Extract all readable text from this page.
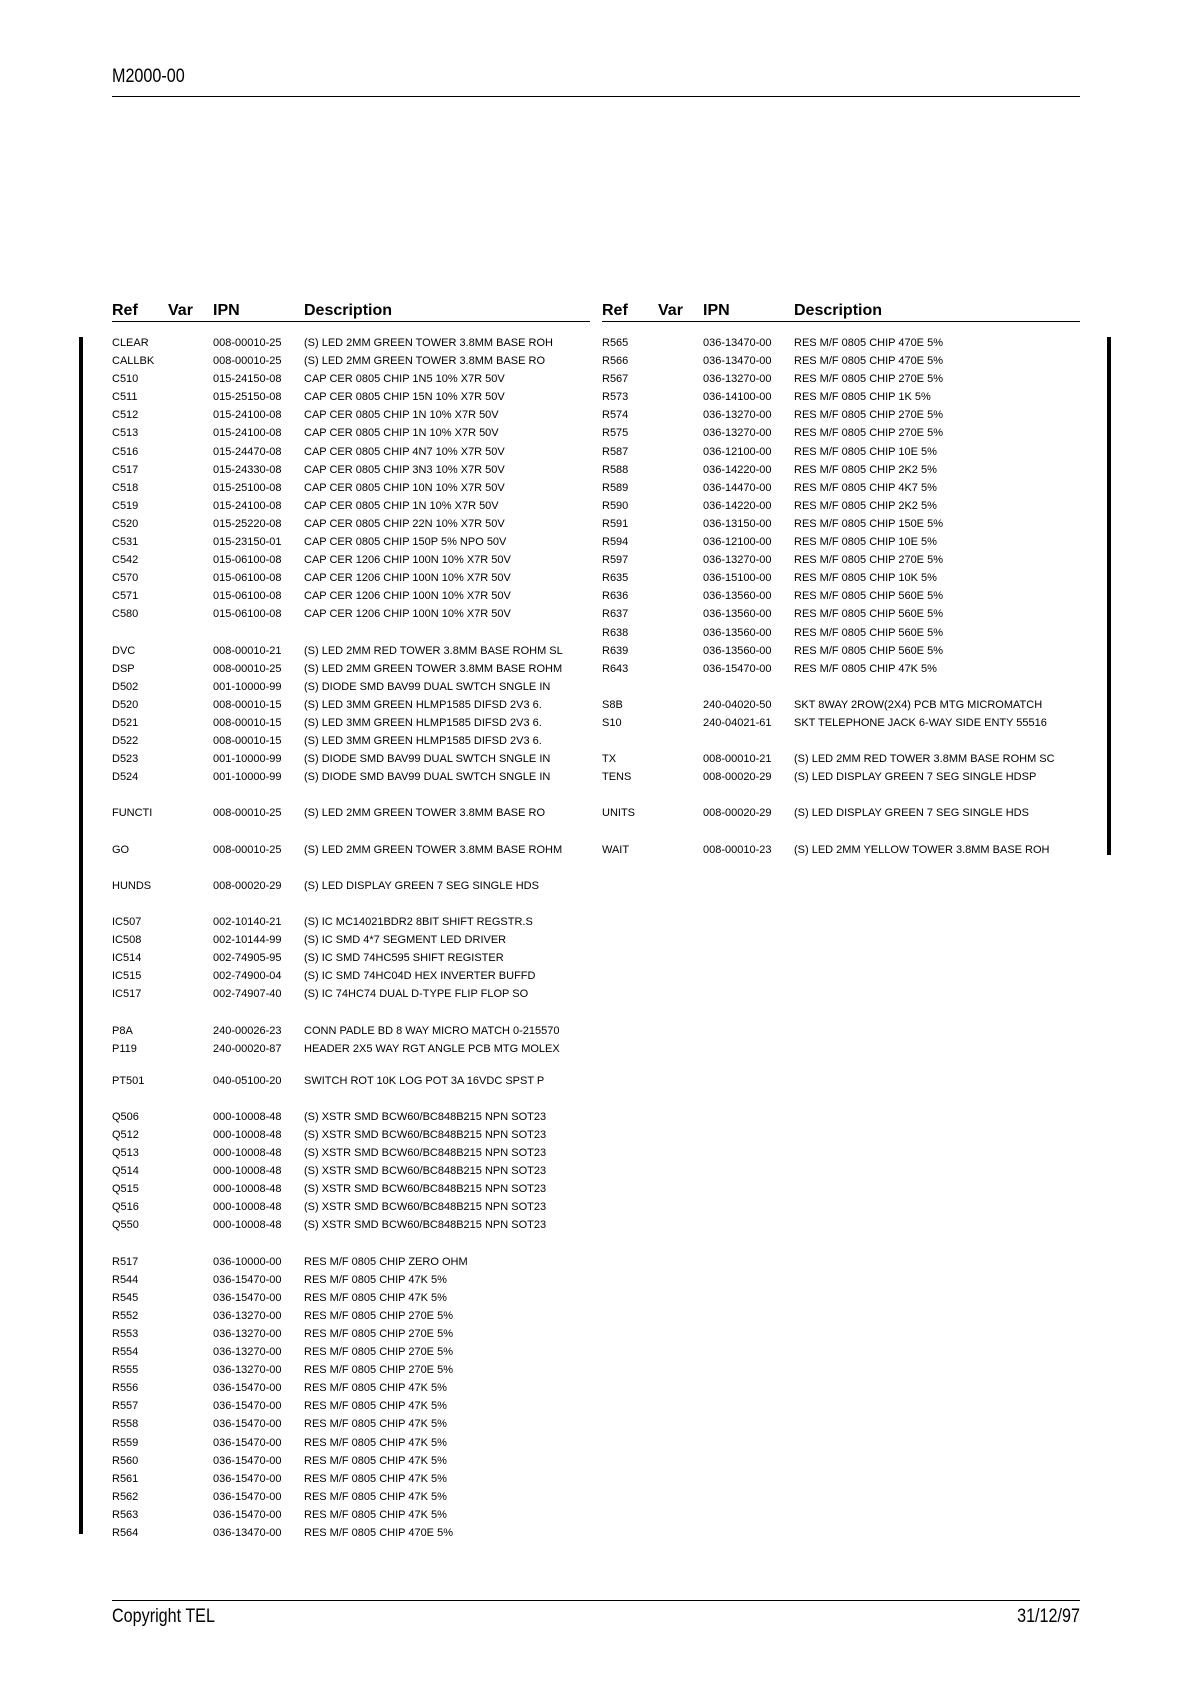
M2000-00
Ref Var IPN	Description
CLEAR	008-00010-25 (S) LED 2MM GREEN TOWER 3.8MM BASE ROH
CALLBK	008-00010-25 (S) LED 2MM GREEN TOWER 3.8MM BASE RO
C510	015-24150-08 CAP CER 0805 CHIP 1N5 10% X7R 50V
C511	015-25150-08 CAP CER 0805 CHIP 15N 10% X7R 50V
C512	015-24100-08 CAP CER 0805 CHIP 1N 10% X7R 50V
C513	015-24100-08 CAP CER 0805 CHIP 1N 10% X7R 50V
C516	015-24470-08 CAP CER 0805 CHIP 4N7 10% X7R 50V
C517	015-24330-08 CAP CER 0805 CHIP 3N3 10% X7R 50V
C518	015-25100-08 CAP CER 0805 CHIP 10N 10% X7R 50V
C519	015-24100-08 CAP CER 0805 CHIP 1N 10% X7R 50V
C520	015-25220-08 CAP CER 0805 CHIP 22N 10% X7R 50V
C531	015-23150-01 CAP CER 0805 CHIP 150P 5% NPO 50V
C542	015-06100-08 CAP CER 1206 CHIP 100N 10% X7R 50V
C570	015-06100-08 CAP CER 1206 CHIP 100N 10% X7R 50V
C571	015-06100-08 CAP CER 1206 CHIP 100N 10% X7R 50V
C580	015-06100-08 CAP CER 1206 CHIP 100N 10% X7R 50V
DVC	008-00010-21 (S) LED 2MM RED TOWER 3.8MM BASE ROHM SL
DSP	008-00010-25 (S) LED 2MM GREEN TOWER 3.8MM BASE ROHM
D502	001-10000-99 (S) DIODE SMD BAV99 DUAL SWTCH SNGLE IN
D520	008-00010-15 (S) LED 3MM GREEN HLMP1585 DIFSD 2V3 6.
D521	008-00010-15 (S) LED 3MM GREEN HLMP1585 DIFSD 2V3 6.
D522	008-00010-15 (S) LED 3MM GREEN HLMP1585 DIFSD 2V3 6.
D523	001-10000-99 (S) DIODE SMD BAV99 DUAL SWTCH SNGLE IN
D524	001-10000-99 (S) DIODE SMD BAV99 DUAL SWTCH SNGLE IN
FUNCTI	008-00010-25 (S) LED 2MM GREEN TOWER 3.8MM BASE RO
GO	008-00010-25 (S) LED 2MM GREEN TOWER 3.8MM BASE ROHM
HUNDS	008-00020-29 (S) LED DISPLAY GREEN 7 SEG SINGLE HDS
IC507	002-10140-21 (S) IC MC14021BDR2 8BIT SHIFT REGSTR.S
IC508	002-10144-99 (S) IC SMD 4*7 SEGMENT LED DRIVER
IC514	002-74905-95 (S) IC SMD 74HC595 SHIFT REGISTER
IC515	002-74900-04 (S) IC SMD 74HC04D HEX INVERTER BUFFD
IC517	002-74907-40 (S) IC 74HC74 DUAL D-TYPE FLIP FLOP SO
P8A	240-00026-23 CONN PADLE BD 8 WAY MICRO MATCH 0-215570
P119	240-00020-87 HEADER 2X5 WAY RGT ANGLE PCB MTG MOLEX
PT501	040-05100-20 SWITCH ROT 10K LOG POT 3A 16VDC SPST P
Q506	000-10008-48 (S) XSTR SMD BCW60/BC848B215 NPN SOT23
Q512	000-10008-48 (S) XSTR SMD BCW60/BC848B215 NPN SOT23
Q513	000-10008-48 (S) XSTR SMD BCW60/BC848B215 NPN SOT23
Q514	000-10008-48 (S) XSTR SMD BCW60/BC848B215 NPN SOT23
Q515	000-10008-48 (S) XSTR SMD BCW60/BC848B215 NPN SOT23
Q516	000-10008-48 (S) XSTR SMD BCW60/BC848B215 NPN SOT23
Q550	000-10008-48 (S) XSTR SMD BCW60/BC848B215 NPN SOT23
R517	036-10000-00 RES M/F 0805 CHIP ZERO OHM
R544	036-15470-00 RES M/F 0805 CHIP 47K 5%
R545	036-15470-00 RES M/F 0805 CHIP 47K 5%
R552	036-13270-00 RES M/F 0805 CHIP 270E 5%
R553	036-13270-00 RES M/F 0805 CHIP 270E 5%
R554	036-13270-00 RES M/F 0805 CHIP 270E 5%
R555	036-13270-00 RES M/F 0805 CHIP 270E 5%
R556	036-15470-00 RES M/F 0805 CHIP 47K 5%
R557	036-15470-00 RES M/F 0805 CHIP 47K 5%
R558	036-15470-00 RES M/F 0805 CHIP 47K 5%
R559	036-15470-00 RES M/F 0805 CHIP 47K 5%
R560	036-15470-00 RES M/F 0805 CHIP 47K 5%
R561	036-15470-00 RES M/F 0805 CHIP 47K 5%
R562	036-15470-00 RES M/F 0805 CHIP 47K 5%
R563	036-15470-00 RES M/F 0805 CHIP 47K 5%
R564	036-13470-00 RES M/F 0805 CHIP 470E 5%
Ref Var IPN	Description
R565	036-13470-00 RES M/F 0805 CHIP 470E 5%
R566	036-13470-00 RES M/F 0805 CHIP 470E 5%
R567	036-13270-00 RES M/F 0805 CHIP 270E 5%
R573	036-14100-00 RES M/F 0805 CHIP 1K 5%
R574	036-13270-00 RES M/F 0805 CHIP 270E 5%
R575	036-13270-00 RES M/F 0805 CHIP 270E 5%
R587	036-12100-00 RES M/F 0805 CHIP 10E 5%
R588	036-14220-00 RES M/F 0805 CHIP 2K2 5%
R589	036-14470-00 RES M/F 0805 CHIP 4K7 5%
R590	036-14220-00 RES M/F 0805 CHIP 2K2 5%
R591	036-13150-00 RES M/F 0805 CHIP 150E 5%
R594	036-12100-00 RES M/F 0805 CHIP 10E 5%
R597	036-13270-00 RES M/F 0805 CHIP 270E 5%
R635	036-15100-00 RES M/F 0805 CHIP 10K 5%
R636	036-13560-00 RES M/F 0805 CHIP 560E 5%
R637	036-13560-00 RES M/F 0805 CHIP 560E 5%
R638	036-13560-00 RES M/F 0805 CHIP 560E 5%
R639	036-13560-00 RES M/F 0805 CHIP 560E 5%
R643	036-15470-00 RES M/F 0805 CHIP 47K 5%
S8B	240-04020-50 SKT 8WAY 2ROW(2X4) PCB MTG MICROMATCH
S10	240-04021-61 SKT TELEPHONE JACK 6-WAY SIDE ENTY 55516
TX	008-00010-21 (S) LED 2MM RED TOWER 3.8MM BASE ROHM SC
TENS	008-00020-29 (S) LED DISPLAY GREEN 7 SEG SINGLE HDSP
UNITS	008-00020-29 (S) LED DISPLAY GREEN 7 SEG SINGLE HDS
WAIT	008-00010-23 (S) LED 2MM YELLOW TOWER 3.8MM BASE ROH
Copyright TEL	31/12/97
